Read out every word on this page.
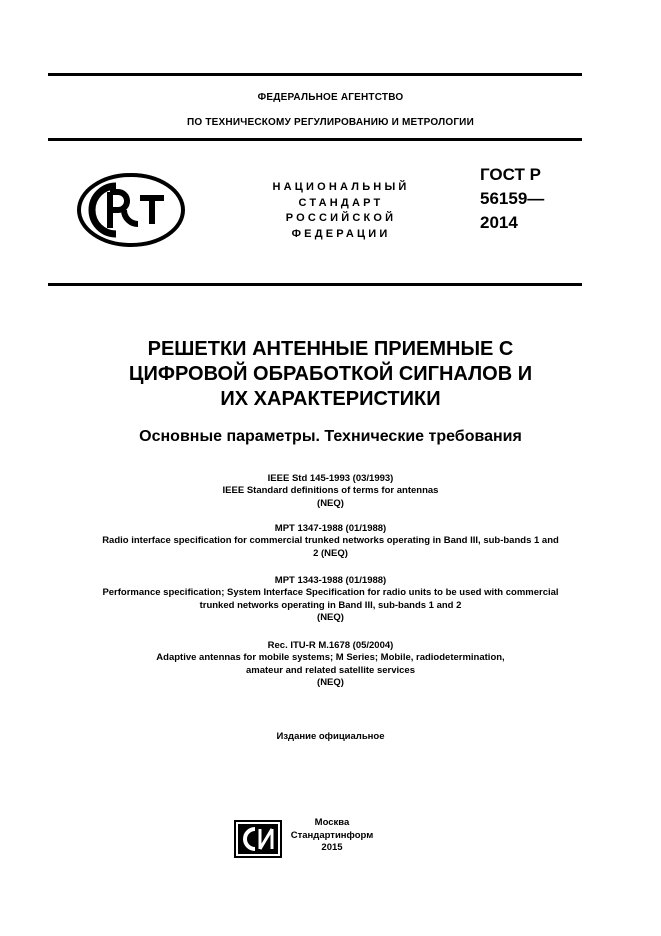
ФЕДЕРАЛЬНОЕ АГЕНТСТВО
ПО ТЕХНИЧЕСКОМУ РЕГУЛИРОВАНИЮ И МЕТРОЛОГИИ
НАЦИОНАЛЬНЫЙ
СТАНДАРТ
РОССИЙСКОЙ
ФЕДЕРАЦИИ
ГОСТ Р
56159—
2014
РЕШЕТКИ АНТЕННЫЕ ПРИЕМНЫЕ С
ЦИФРОВОЙ ОБРАБОТКОЙ СИГНАЛОВ И
ИХ ХАРАКТЕРИСТИКИ
Основные параметры. Технические требования
IEEE Std 145-1993 (03/1993)
IEEE Standard definitions of terms for antennas
(NEQ)
MPT 1347-1988 (01/1988)
Radio interface specification for commercial trunked networks operating in Band III, sub-bands 1 and
2 (NEQ)
MPT 1343-1988 (01/1988)
Performance specification; System Interface Specification for radio units to be used with commercial
trunked networks operating in Band III, sub-bands 1 and 2
(NEQ)
Rec. ITU-R M.1678 (05/2004)
Adaptive antennas for mobile systems; M Series; Mobile, radiodetermination,
amateur and related satellite services
(NEQ)
Издание официальное
Москва
Стандартинформ
2015
